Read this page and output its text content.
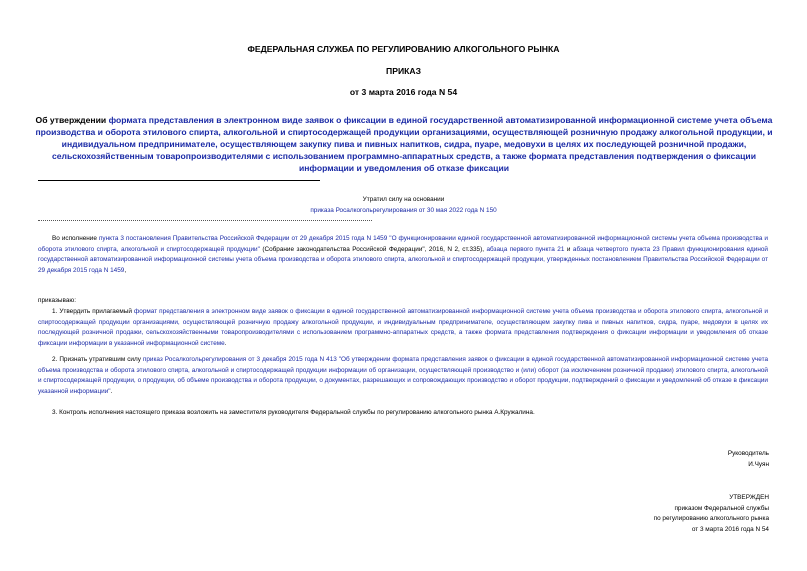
ФЕДЕРАЛЬНАЯ СЛУЖБА ПО РЕГУЛИРОВАНИЮ АЛКОГОЛЬНОГО РЫНКА
ПРИКАЗ
от 3 марта 2016 года N 54
Об утверждении формата представления в электронном виде заявок о фиксации в единой государственной автоматизированной информационной системе учета объема производства и оборота этилового спирта, алкогольной и спиртосодержащей продукции организациями, осуществляющей розничную продажу алкогольной продукции, и индивидуальном предпринимателе, осуществляющем закупку пива и пивных напитков, сидра, пуаре, медовухи в целях их последующей розничной продажи, сельскохозяйственным товаропроизводителями с использованием программно-аппаратных средств, а также формата представления подтверждения о фиксации информации и уведомления об отказе фиксации
Утратил силу на основании
приказа Росалкогольрегулирования от 30 мая 2022 года N 150
Во исполнение пункта 3 постановления Правительства Российской Федерации от 29 декабря 2015 года N 1459 "О функционировании единой государственной автоматизированной информационной системы учета объема производства и оборота этилового спирта, алкогольной и спиртосодержащей продукции" (Собрание законодательства Российской Федерации", 2016, N 2, ст.335), абзаца первого пункта 21 и абзаца четвертого пункта 23 Правил функционирования единой государственной автоматизированной информационной системы учета объема производства и оборота этилового спирта, алкогольной и спиртосодержащей продукции, утвержденных постановлением Правительства Российской Федерации от 29 декабря 2015 года N 1459,
приказываю:
1. Утвердить прилагаемый формат представления в электронном виде заявок о фиксации в единой государственной автоматизированной информационной системе учета объема производства и оборота этилового спирта, алкогольной и спиртосодержащей продукции организациями, осуществляющей розничную продажу алкогольной продукции, и индивидуальным предпринимателе, осуществляющем закупку пива и пивных напитков, сидра, пуаре, медовухи в целях их последующей розничной продажи, сельскохозяйственными товаропроизводителями с использованием программно-аппаратных средств, а также формата представления подтверждения о фиксации информации и уведомления об отказе фиксации информации в указанной информационной системе.
2. Признать утратившим силу приказ Росалкогольрегулирования от 3 декабря 2015 года N 413 "Об утверждении формата представления заявок о фиксации в единой государственной автоматизированной информационной системе учета объема производства и оборота этилового спирта, алкогольной и спиртосодержащей продукции информации об организации, осуществляющей производство и (или) оборот (за исключением розничной продажи) этилового спирта, алкогольной и спиртосодержащей продукции, о продукции, об объеме производства и оборота продукции, о документах, разрешающих и сопровождающих производство и оборот продукции, подтверждений о фиксации и уведомлений об отказе в фиксации указанной информации".
3. Контроль исполнения настоящего приказа возложить на заместителя руководителя Федеральной службы по регулированию алкогольного рынка А.Кружалина.
Руководитель
И.Чуян
УТВЕРЖДЕН
приказом Федеральной службы
по регулированию алкогольного рынка
от 3 марта 2016 года N 54
